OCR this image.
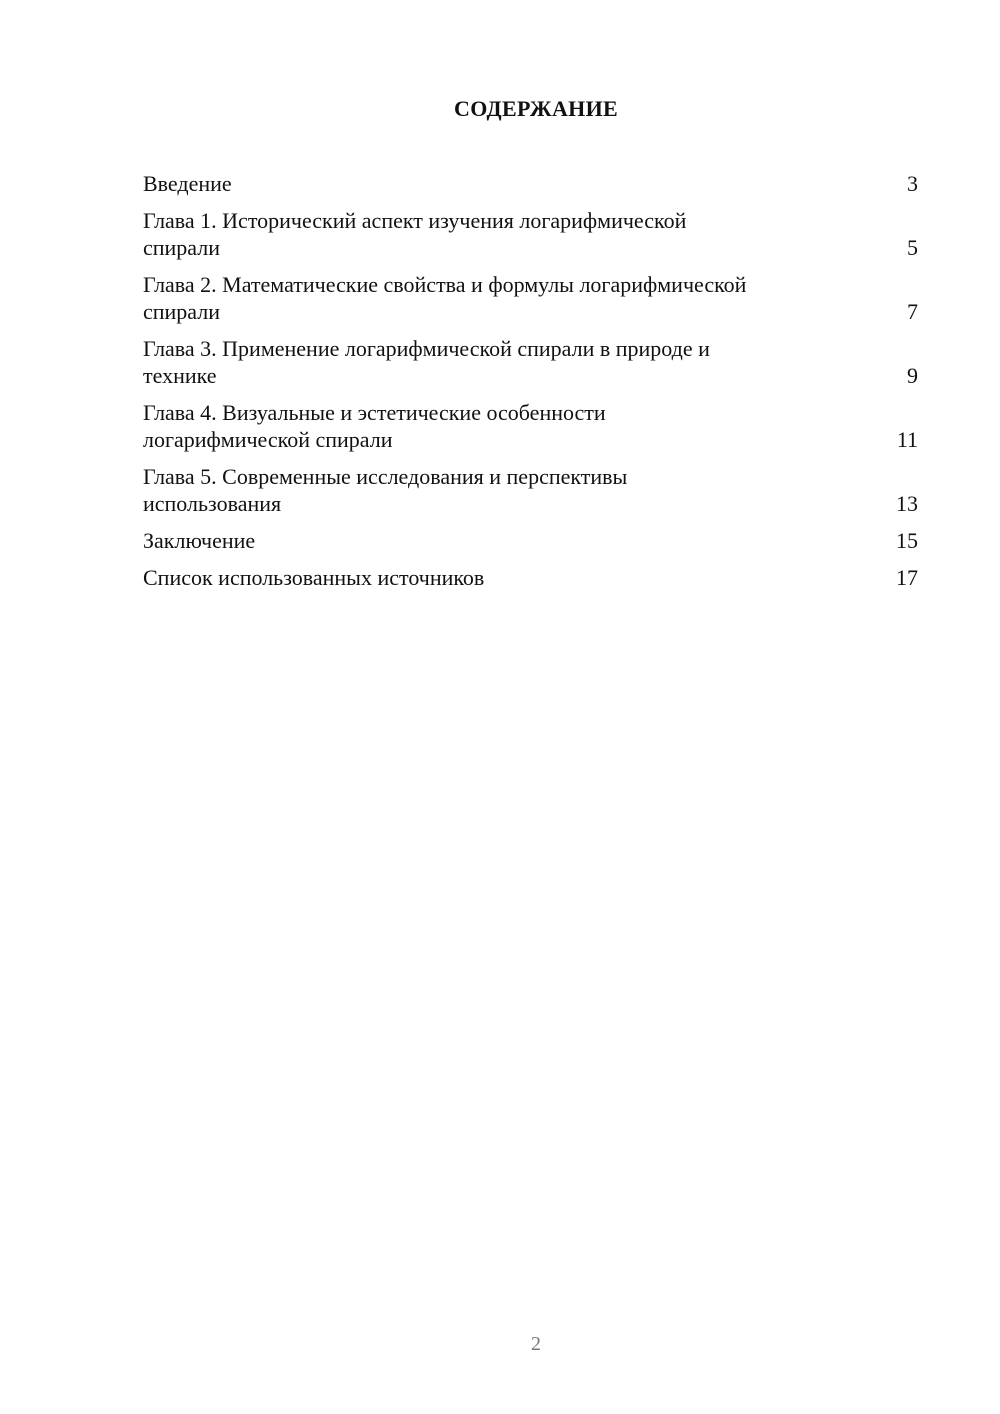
СОДЕРЖАНИЕ
Введение	3
Глава 1. Исторический аспект изучения логарифмической спирали	5
Глава 2. Математические свойства и формулы логарифмической спирали	7
Глава 3. Применение логарифмической спирали в природе и технике	9
Глава 4. Визуальные и эстетические особенности логарифмической спирали	11
Глава 5. Современные исследования и перспективы использования	13
Заключение	15
Список использованных источников	17
2
